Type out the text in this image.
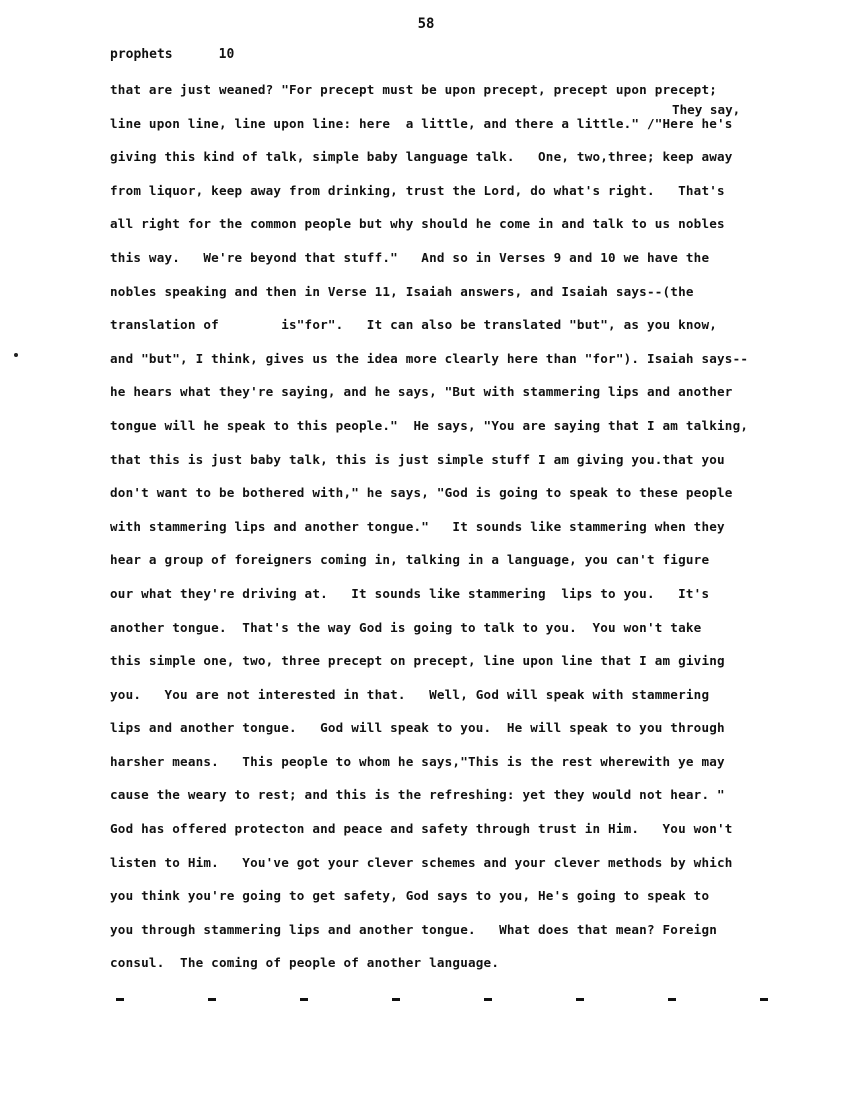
58
prophets	10
They say,
that are just weaned? "For precept must be upon precept, precept upon precept;
line upon line, line upon line: here  a little, and there a little." /"Here he's
giving this kind of talk, simple baby language talk.   One, two,three; keep away
from liquor, keep away from drinking, trust the Lord, do what's right.   That's
all right for the common people but why should he come in and talk to us nobles
this way.   We're beyond that stuff."   And so in Verses 9 and 10 we have the
nobles speaking and then in Verse 11, Isaiah answers, and Isaiah says--(the
translation of        is"for".   It can also be translated "but", as you know,
and "but", I think, gives us the idea more clearly here than "for"). Isaiah says--
he hears what they're saying, and he says, "But with stammering lips and another
tongue will he speak to this people."  He says, "You are saying that I am talking,
that this is just baby talk, this is just simple stuff I am giving you.that you
don't want to be bothered with," he says, "God is going to speak to these people
with stammering lips and another tongue."   It sounds like stammering when they
hear a group of foreigners coming in, talking in a language, you can't figure
our what they're driving at.   It sounds like stammering  lips to you.   It's
another tongue.  That's the way God is going to talk to you.  You won't take
this simple one, two, three precept on precept, line upon line that I am giving
you.   You are not interested in that.   Well, God will speak with stammering
lips and another tongue.   God will speak to you.  He will speak to you through
harsher means.   This people to whom he says,"This is the rest wherewith ye may
cause the weary to rest; and this is the refreshing: yet they would not hear. "
God has offered protecton and peace and safety through trust in Him.   You won't
listen to Him.   You've got your clever schemes and your clever methods by which
you think you're going to get safety, God says to you, He's going to speak to
you through stammering lips and another tongue.   What does that mean? Foreign
consul.  The coming of people of another language.
